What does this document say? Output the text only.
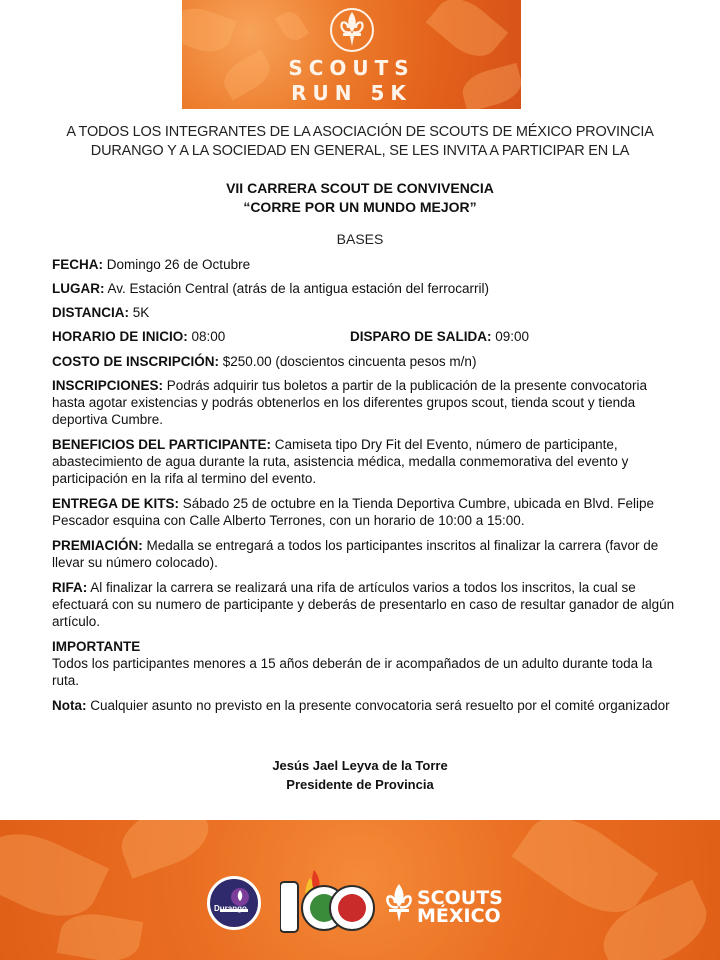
SCOUTS
RUN 5K
A TODOS LOS INTEGRANTES DE LA ASOCIACIÓN DE SCOUTS DE MÉXICO PROVINCIA DURANGO Y A LA SOCIEDAD EN GENERAL, SE LES INVITA A PARTICIPAR EN LA
VII CARRERA SCOUT DE CONVIVENCIA
“CORRE POR UN MUNDO MEJOR”
BASES
FECHA: Domingo 26 de Octubre
LUGAR: Av. Estación Central (atrás de la antigua estación del ferrocarril)
DISTANCIA: 5K
HORARIO DE INICIO: 08:00	DISPARO DE SALIDA: 09:00
COSTO DE INSCRIPCIÓN: $250.00 (doscientos cincuenta pesos m/n)
INSCRIPCIONES: Podrás adquirir tus boletos a partir de la publicación de la presente convocatoria hasta agotar existencias y podrás obtenerlos en los diferentes grupos scout, tienda scout y tienda deportiva Cumbre.
BENEFICIOS DEL PARTICIPANTE: Camiseta tipo Dry Fit del Evento, número de participante, abastecimiento de agua durante la ruta, asistencia médica, medalla conmemorativa del evento y participación en la rifa al termino del evento.
ENTREGA DE KITS: Sábado 25 de octubre en la Tienda Deportiva Cumbre, ubicada en Blvd. Felipe Pescador esquina con Calle Alberto Terrones, con un horario de 10:00 a 15:00.
PREMIACIÓN: Medalla se entregará a todos los participantes inscritos al finalizar la carrera (favor de llevar su número colocado).
RIFA: Al finalizar la carrera se realizará una rifa de artículos varios a todos los inscritos, la cual se efectuará con su numero de participante y deberás de presentarlo en caso de resultar ganador de algún artículo.
IMPORTANTE
Todos los participantes menores a 15 años deberán de ir acompañados de un adulto durante toda la ruta.
Nota: Cualquier asunto no previsto en la presente convocatoria será resuelto por el comité organizador
Jesús Jael Leyva de la Torre
Presidente de Provincia
Durango	SCOUTS
MÉXICO
